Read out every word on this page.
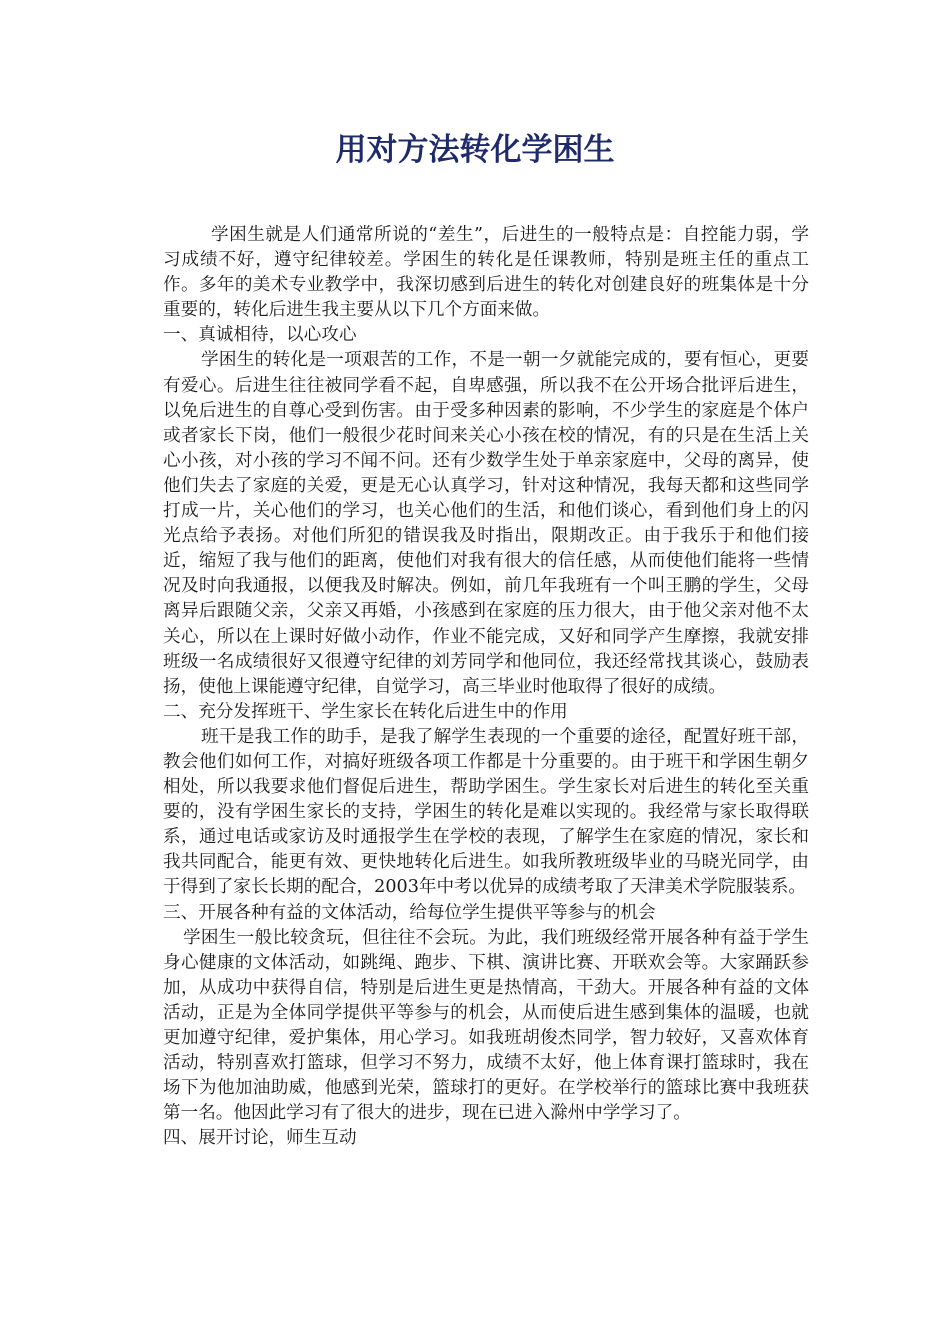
用对方法转化学困生

学困生就是人们通常所说的“差生”，后进生的一般特点是：自控能力弱，学习成绩不好，遵守纪律较差。学困生的转化是任课教师，特别是班主任的重点工作。多年的美术专业教学中，我深切感到后进生的转化对创建良好的班集体是十分重要的，转化后进生我主要从以下几个方面来做。

一、真诚相待，以心攻心

学困生的转化是一项艰苦的工作，不是一朝一夕就能完成的，要有恒心，更要有爱心。后进生往往被同学看不起，自卑感强，所以我不在公开场合批评后进生，以免后进生的自尊心受到伤害。由于受多种因素的影响，不少学生的家庭是个体户或者家长下岗，他们一般很少花时间来关心小孩在校的情况，有的只是在生活上关心小孩，对小孩的学习不闻不问。还有少数学生处于单亲家庭中，父母的离异，使他们失去了家庭的关爱，更是无心认真学习，针对这种情况，我每天都和这些同学打成一片，关心他们的学习，也关心他们的生活，和他们谈心，看到他们身上的闪光点给予表扬。对他们所犯的错误我及时指出，限期改正。由于我乐于和他们接近，缩短了我与他们的距离，使他们对我有很大的信任感，从而使他们能将一些情况及时向我通报，以便我及时解决。例如，前几年我班有一个叫王鹏的学生，父母离异后跟随父亲，父亲又再婚，小孩感到在家庭的压力很大，由于他父亲对他不太关心，所以在上课时好做小动作，作业不能完成，又好和同学产生摩擦，我就安排班级一名成绩很好又很遵守纪律的刘芳同学和他同位，我还经常找其谈心，鼓励表扬，使他上课能遵守纪律，自觉学习，高三毕业时他取得了很好的成绩。

二、充分发挥班干、学生家长在转化后进生中的作用

班干是我工作的助手，是我了解学生表现的一个重要的途径，配置好班干部，教会他们如何工作，对搞好班级各项工作都是十分重要的。由于班干和学困生朝夕相处，所以我要求他们督促后进生，帮助学困生。学生家长对后进生的转化至关重要的，没有学困生家长的支持，学困生的转化是难以实现的。我经常与家长取得联系，通过电话或家访及时通报学生在学校的表现，了解学生在家庭的情况，家长和我共同配合，能更有效、更快地转化后进生。如我所教班级毕业的马晓光同学，由于得到了家长长期的配合，2003年中考以优异的成绩考取了天津美术学院服装系。

三、开展各种有益的文体活动，给每位学生提供平等参与的机会

学困生一般比较贪玩，但往往不会玩。为此，我们班级经常开展各种有益于学生身心健康的文体活动，如跳绳、跑步、下棋、演讲比赛、开联欢会等。大家踊跃参加，从成功中获得自信，特别是后进生更是热情高，干劲大。开展各种有益的文体活动，正是为全体同学提供平等参与的机会，从而使后进生感到集体的温暖，也就更加遵守纪律，爱护集体，用心学习。如我班胡俊杰同学，智力较好，又喜欢体育活动，特别喜欢打篮球，但学习不努力，成绩不太好，他上体育课打篮球时，我在场下为他加油助威，他感到光荣，篮球打的更好。在学校举行的篮球比赛中我班获第一名。他因此学习有了很大的进步，现在已进入滁州中学学习了。

四、展开讨论，师生互动
